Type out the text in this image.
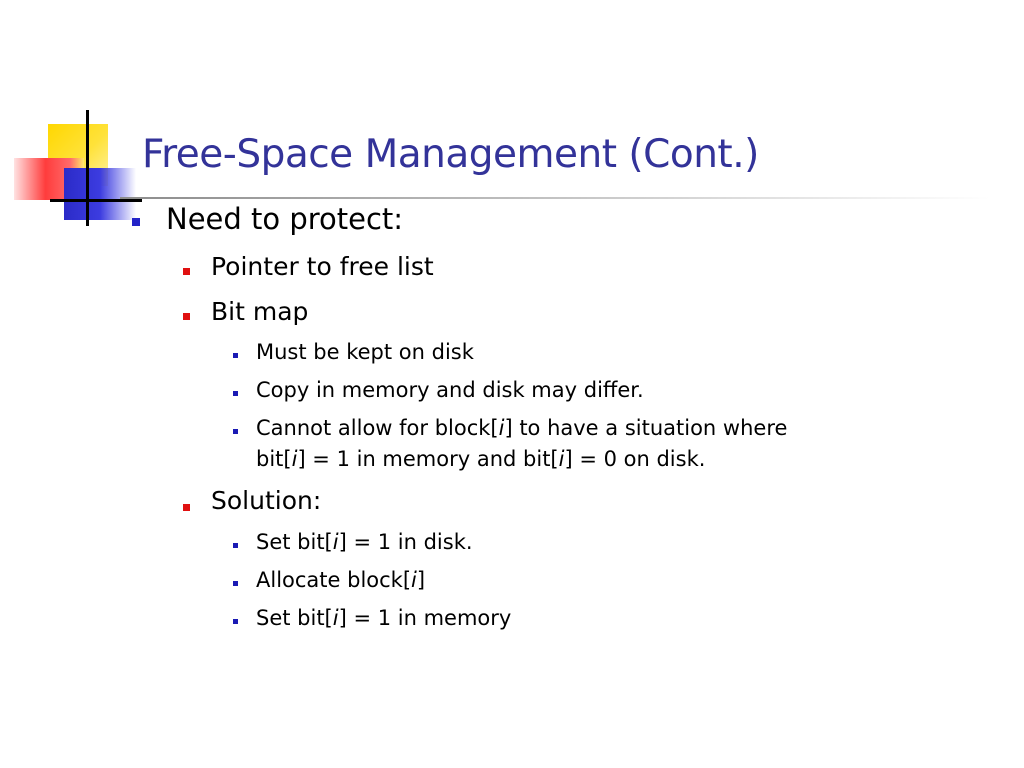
Free-Space Management (Cont.)
Need to protect:
Pointer to free list
Bit map
Must be kept on disk
Copy in memory and disk may differ.
Cannot allow for block[i] to have a situation where
bit[i] = 1 in memory and bit[i] = 0 on disk.
Solution:
Set bit[i] = 1 in disk.
Allocate block[i]
Set bit[i] = 1 in memory
